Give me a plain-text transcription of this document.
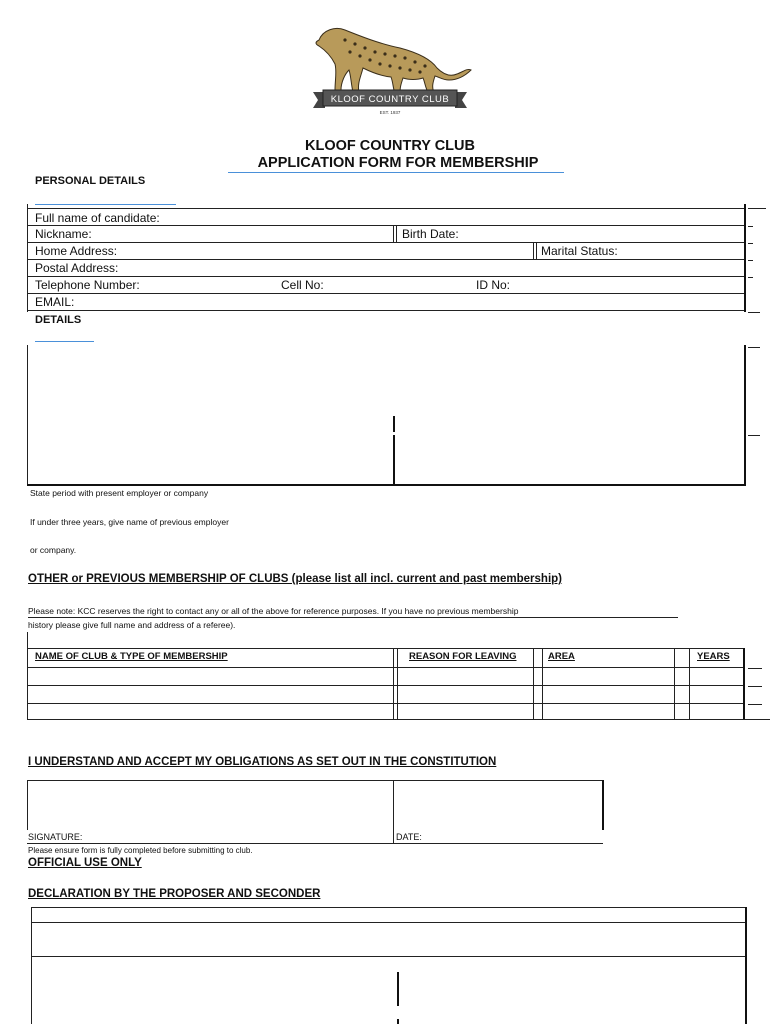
KLOOF COUNTRY CLUB
EST. 1937
KLOOF COUNTRY CLUB
APPLICATION FORM FOR MEMBERSHIP
PERSONAL DETAILS
Full name of candidate:
Nickname:	Birth Date:
Home Address:	Marital Status:
Postal Address:
Telephone Number:	Cell No:	ID No:
EMAIL:
DETAILS
State period with present employer or company
If under three years, give name of previous employer
or company.
OTHER or PREVIOUS MEMBERSHIP OF CLUBS (please list all incl. current and past membership)
Please note: KCC reserves the right to contact any or all of the above for reference purposes. If you have no previous membership
history please give full name and address of a referee).
NAME OF CLUB & TYPE OF MEMBERSHIP	REASON FOR LEAVING	AREA	YEARS
I UNDERSTAND AND ACCEPT MY OBLIGATIONS AS SET OUT IN THE CONSTITUTION
SIGNATURE:	DATE:
Please ensure form is fully completed before submitting to club.
OFFICIAL USE ONLY
DECLARATION BY THE PROPOSER AND SECONDER
